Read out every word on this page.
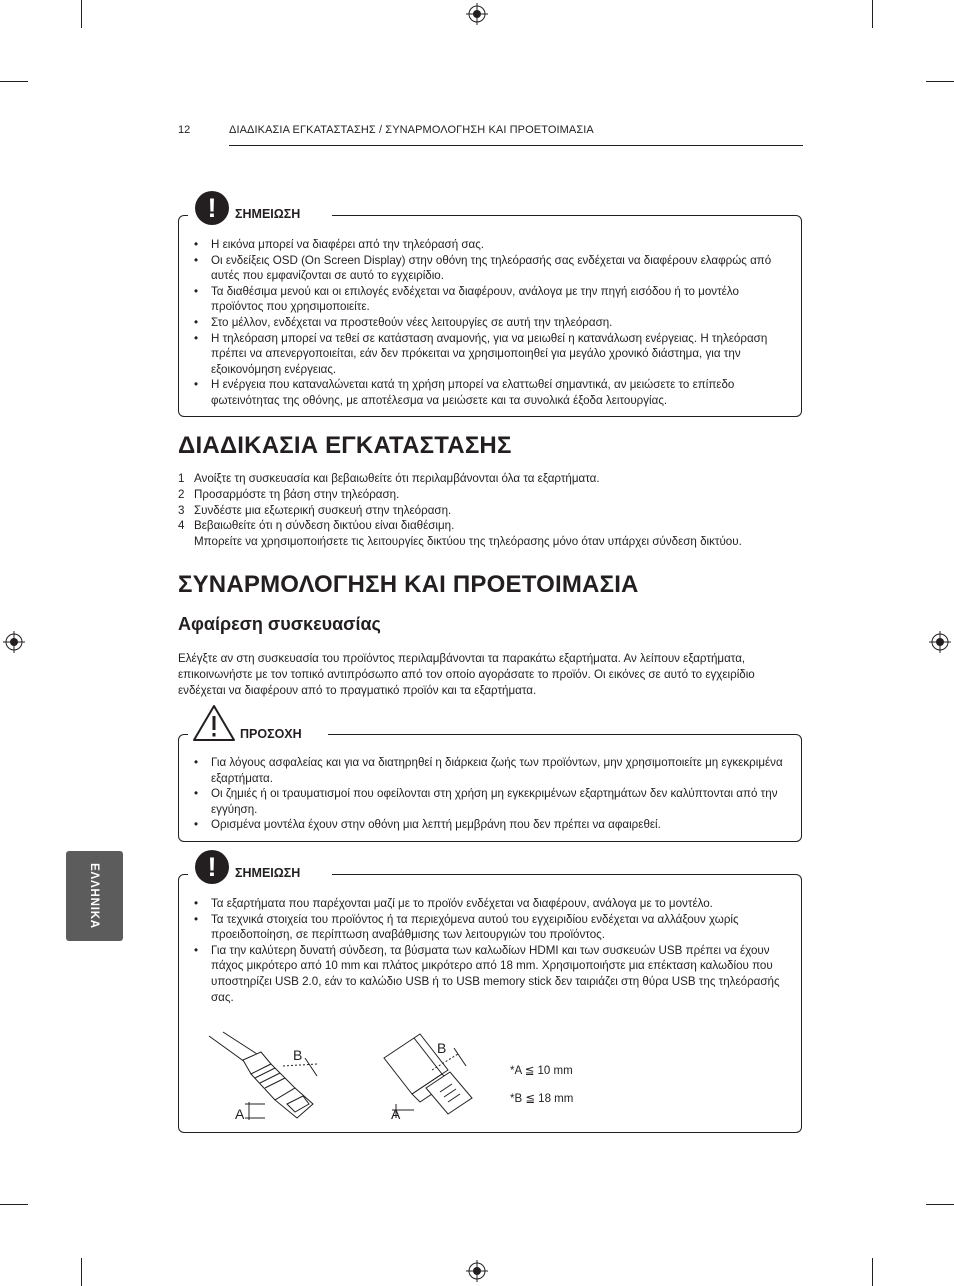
12	ΔΙΑΔΙΚΑΣΙΑ ΕΓΚΑΤΑΣΤΑΣΗΣ / ΣΥΝΑΡΜΟΛΟΓΗΣΗ ΚΑΙ ΠΡΟΕΤΟΙΜΑΣΙΑ
!
ΣΗΜΕΙΩΣΗ
• Η εικόνα μπορεί να διαφέρει από την τηλεόρασή σας.
• Οι ενδείξεις OSD (On Screen Display) στην οθόνη της τηλεόρασής σας ενδέχεται να διαφέρουν ελαφρώς από αυτές που εμφανίζονται σε αυτό το εγχειρίδιο.
• Τα διαθέσιμα μενού και οι επιλογές ενδέχεται να διαφέρουν, ανάλογα με την πηγή εισόδου ή το μοντέλο προϊόντος που χρησιμοποιείτε.
• Στο μέλλον, ενδέχεται να προστεθούν νέες λειτουργίες σε αυτή την τηλεόραση.
• Η τηλεόραση μπορεί να τεθεί σε κατάσταση αναμονής, για να μειωθεί η κατανάλωση ενέργειας. Η τηλεόραση πρέπει να απενεργοποιείται, εάν δεν πρόκειται να χρησιμοποιηθεί για μεγάλο χρονικό διάστημα, για την εξοικονόμηση ενέργειας.
• Η ενέργεια που καταναλώνεται κατά τη χρήση μπορεί να ελαττωθεί σημαντικά, αν μειώσετε το επίπεδο φωτεινότητας της οθόνης, με αποτέλεσμα να μειώσετε και τα συνολικά έξοδα λειτουργίας.
ΔΙΑΔΙΚΑΣΙΑ ΕΓΚΑΤΑΣΤΑΣΗΣ
1 Ανοίξτε τη συσκευασία και βεβαιωθείτε ότι περιλαμβάνονται όλα τα εξαρτήματα.
2 Προσαρμόστε τη βάση στην τηλεόραση.
3 Συνδέστε μια εξωτερική συσκευή στην τηλεόραση.
4 Βεβαιωθείτε ότι η σύνδεση δικτύου είναι διαθέσιμη.
Μπορείτε να χρησιμοποιήσετε τις λειτουργίες δικτύου της τηλεόρασης μόνο όταν υπάρχει σύνδεση δικτύου.
ΣΥΝΑΡΜΟΛΟΓΗΣΗ ΚΑΙ ΠΡΟΕΤΟΙΜΑΣΙΑ
Αφαίρεση συσκευασίας
Ελέγξτε αν στη συσκευασία του προϊόντος περιλαμβάνονται τα παρακάτω εξαρτήματα. Αν λείπουν εξαρτήματα, επικοινωνήστε με τον τοπικό αντιπρόσωπο από τον οποίο αγοράσατε το προϊόν. Οι εικόνες σε αυτό το εγχειρίδιο ενδέχεται να διαφέρουν από το πραγματικό προϊόν και τα εξαρτήματα.
ΠΡΟΣΟΧΗ
• Για λόγους ασφαλείας και για να διατηρηθεί η διάρκεια ζωής των προϊόντων, μην χρησιμοποιείτε μη εγκεκριμένα εξαρτήματα.
• Οι ζημιές ή οι τραυματισμοί που οφείλονται στη χρήση μη εγκεκριμένων εξαρτημάτων δεν καλύπτονται από την εγγύηση.
• Ορισμένα μοντέλα έχουν στην οθόνη μια λεπτή μεμβράνη που δεν πρέπει να αφαιρεθεί.
ΕΛΛΗΝΙΚΑ
!	ΣΗΜΕΙΩΣΗ
• Τα εξαρτήματα που παρέχονται μαζί με το προϊόν ενδέχεται να διαφέρουν, ανάλογα με το μοντέλο.
• Τα τεχνικά στοιχεία του προϊόντος ή τα περιεχόμενα αυτού του εγχειριδίου ενδέχεται να αλλάξουν χωρίς προειδοποίηση, σε περίπτωση αναβάθμισης των λειτουργιών του προϊόντος.
• Για την καλύτερη δυνατή σύνδεση, τα βύσματα των καλωδίων HDMI και των συσκευών USB πρέπει να έχουν πάχος μικρότερο από 10 mm και πλάτος μικρότερο από 18 mm. Χρησιμοποιήστε μια επέκταση καλωδίου που υποστηρίζει USB 2.0, εάν το καλώδιο USB ή το USB memory stick δεν ταιριάζει στη θύρα USB της τηλεόρασής σας.
B
A
B
A
*A ≦ 10 mm
*B ≦ 18 mm
